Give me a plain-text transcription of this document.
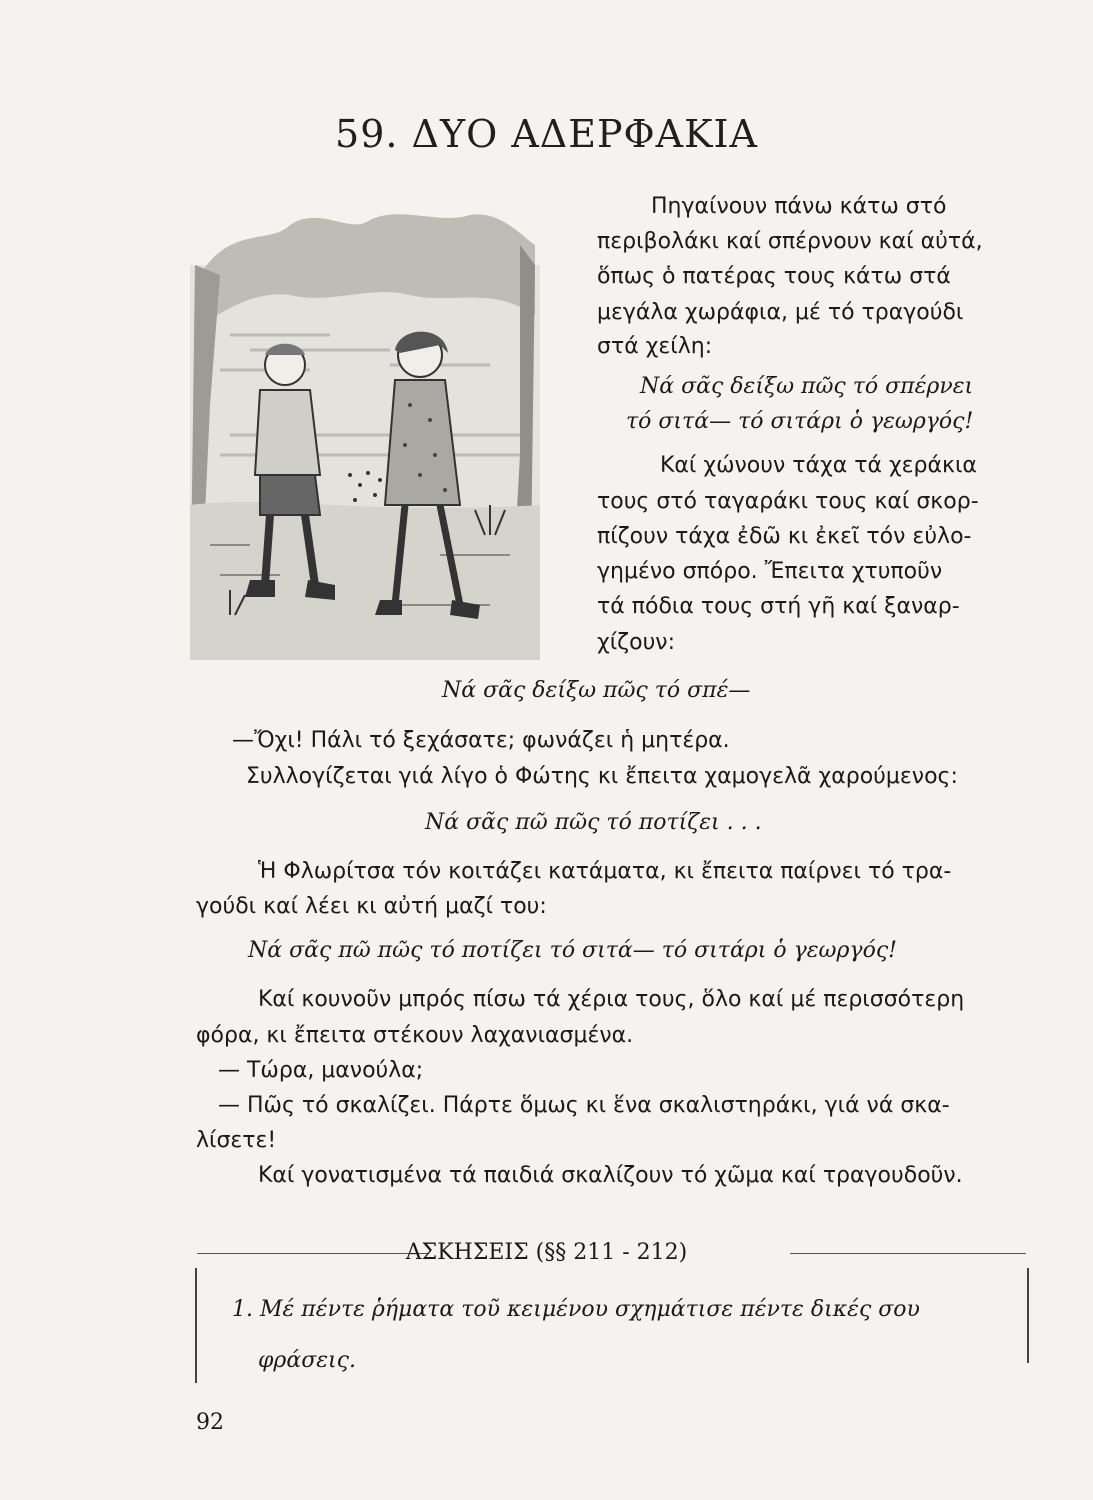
59. ΔΥΟ ΑΔΕΡΦΑΚΙΑ
Πηγαίνουν πάνω κάτω στό
περιβολάκι καί σπέρνουν καί αὐτά,
ὅπως ὁ πατέρας τους κάτω στά
μεγάλα χωράφια, μέ τό τραγούδι
στά χείλη:
Νά σᾶς δείξω πῶς τό σπέρνει
τό σιτά— τό σιτάρι ὁ γεωργός!
Καί χώνουν τάχα τά χεράκια
τους στό ταγαράκι τους καί σκορ-
πίζουν τάχα ἐδῶ κι ἐκεῖ τόν εὐλο-
γημένο σπόρο. Ἔπειτα χτυποῦν
τά πόδια τους στή γῆ καί ξαναρ-
χίζουν:
Νά σᾶς δείξω πῶς τό σπέ—
—Ὄχι! Πάλι τό ξεχάσατε; φωνάζει ἡ μητέρα.
Συλλογίζεται γιά λίγο ὁ Φώτης κι ἔπειτα χαμογελᾶ χαρούμενος:
Νά σᾶς πῶ πῶς τό ποτίζει . . .
Ἡ Φλωρίτσα τόν κοιτάζει κατάματα, κι ἔπειτα παίρνει τό τρα-
γούδι καί λέει κι αὐτή μαζί του:
Νά σᾶς πῶ πῶς τό ποτίζει τό σιτά— τό σιτάρι ὁ γεωργός!
Καί κουνοῦν μπρός πίσω τά χέρια τους, ὅλο καί μέ περισσότερη
φόρα, κι ἔπειτα στέκουν λαχανιασμένα.
— Τώρα, μανούλα;
— Πῶς τό σκαλίζει. Πάρτε ὅμως κι ἕνα σκαλιστηράκι, γιά νά σκα-
λίσετε!
Καί γονατισμένα τά παιδιά σκαλίζουν τό χῶμα καί τραγουδοῦν.
ΑΣΚΗΣΕΙΣ (§§ 211 - 212)
1. Μέ πέντε ῥήματα τοῦ κειμένου σχημάτισε πέντε δικές σου
φράσεις.
92
